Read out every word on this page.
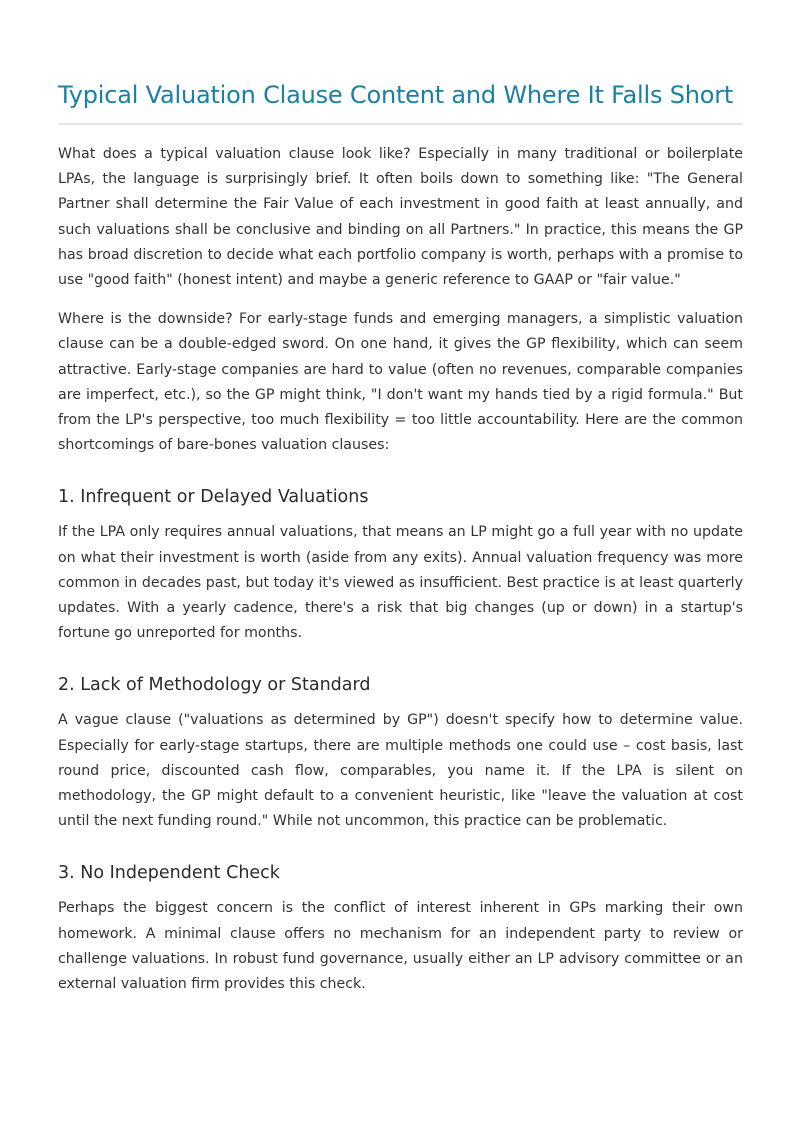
Typical Valuation Clause Content and Where It Falls Short

What does a typical valuation clause look like? Especially in many traditional or boilerplate LPAs, the language is surprisingly brief. It often boils down to something like: "The General Partner shall determine the Fair Value of each investment in good faith at least annually, and such valuations shall be conclusive and binding on all Partners." In practice, this means the GP has broad discretion to decide what each portfolio company is worth, perhaps with a promise to use "good faith" (honest intent) and maybe a generic reference to GAAP or "fair value."

Where is the downside? For early-stage funds and emerging managers, a simplistic valuation clause can be a double-edged sword. On one hand, it gives the GP flexibility, which can seem attractive. Early-stage companies are hard to value (often no revenues, comparable companies are imperfect, etc.), so the GP might think, "I don't want my hands tied by a rigid formula." But from the LP's perspective, too much flexibility = too little accountability. Here are the common shortcomings of bare-bones valuation clauses:

1. Infrequent or Delayed Valuations

If the LPA only requires annual valuations, that means an LP might go a full year with no update on what their investment is worth (aside from any exits). Annual valuation frequency was more common in decades past, but today it's viewed as insufficient. Best practice is at least quarterly updates. With a yearly cadence, there's a risk that big changes (up or down) in a startup's fortune go unreported for months.

2. Lack of Methodology or Standard

A vague clause ("valuations as determined by GP") doesn't specify how to determine value. Especially for early-stage startups, there are multiple methods one could use – cost basis, last round price, discounted cash flow, comparables, you name it. If the LPA is silent on methodology, the GP might default to a convenient heuristic, like "leave the valuation at cost until the next funding round." While not uncommon, this practice can be problematic.

3. No Independent Check

Perhaps the biggest concern is the conflict of interest inherent in GPs marking their own homework. A minimal clause offers no mechanism for an independent party to review or challenge valuations. In robust fund governance, usually either an LP advisory committee or an external valuation firm provides this check.
